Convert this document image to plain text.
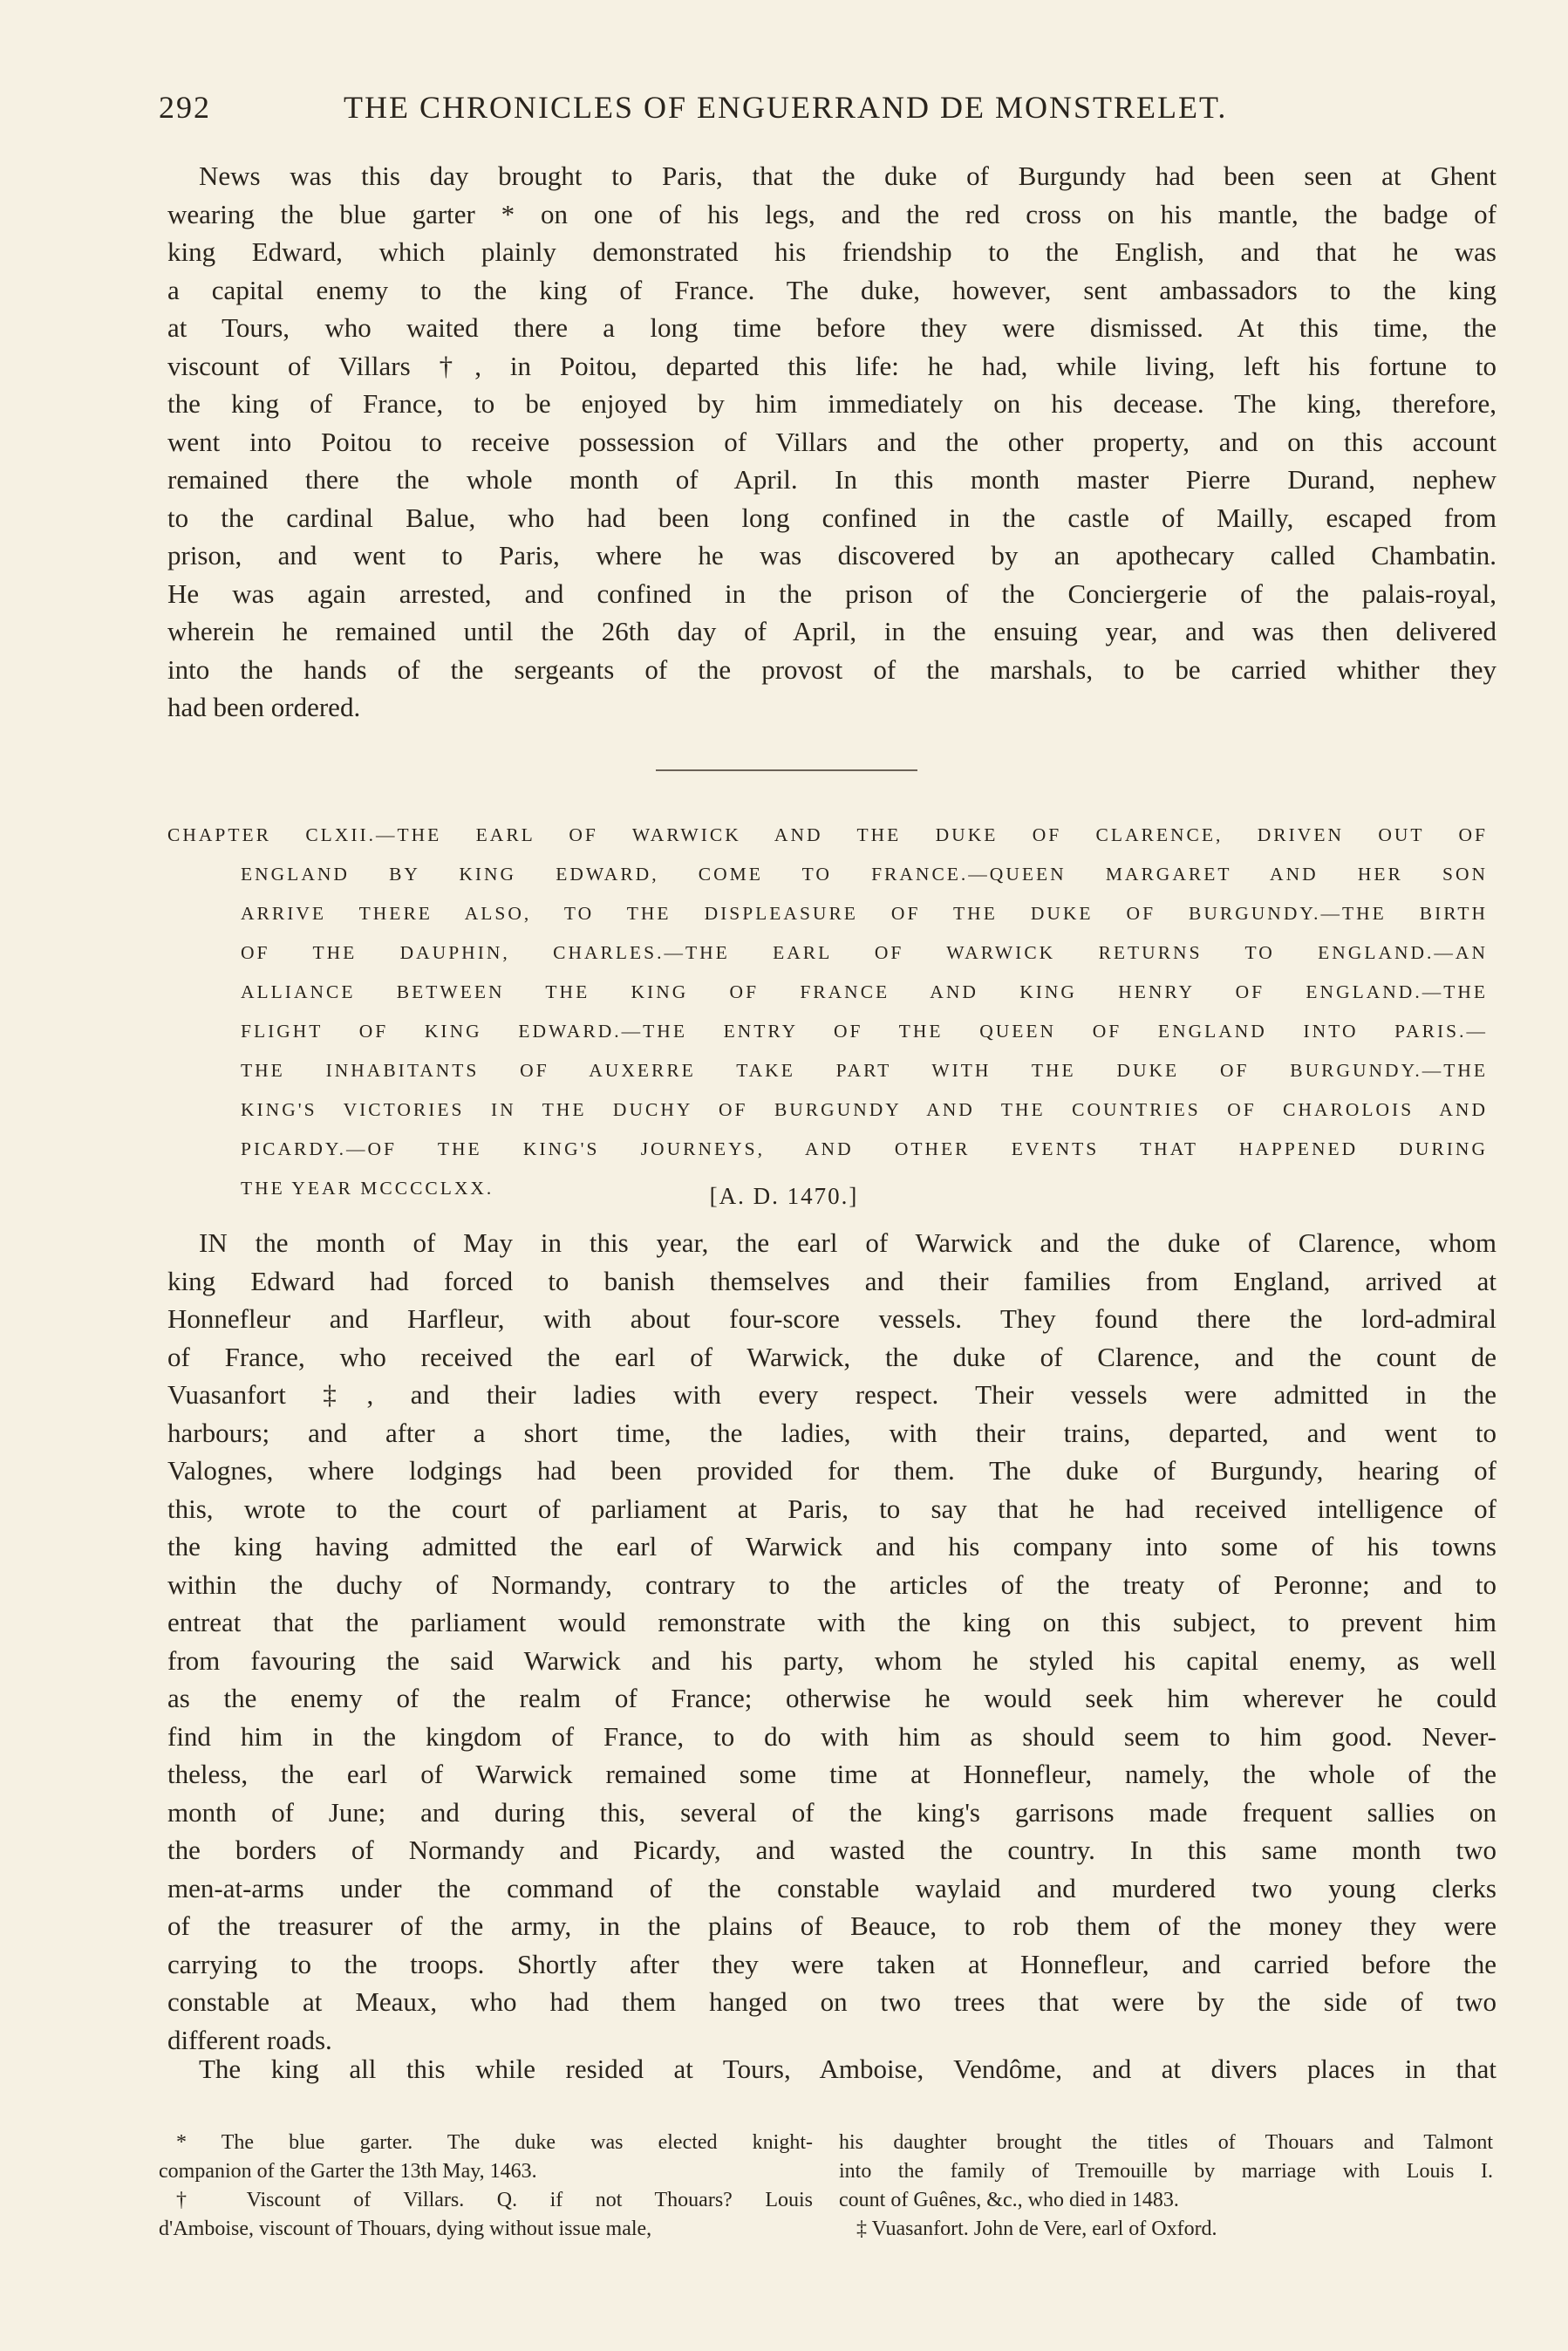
292	THE CHRONICLES OF ENGUERRAND DE MONSTRELET.
News was this day brought to Paris, that the duke of Burgundy had been seen at Ghent
wearing the blue garter * on one of his legs, and the red cross on his mantle, the badge of
king Edward, which plainly demonstrated his friendship to the English, and that he was
a capital enemy to the king of France. The duke, however, sent ambassadors to the king
at Tours, who waited there a long time before they were dismissed. At this time, the
viscount of Villars †, in Poitou, departed this life: he had, while living, left his fortune to
the king of France, to be enjoyed by him immediately on his decease. The king, therefore,
went into Poitou to receive possession of Villars and the other property, and on this account
remained there the whole month of April. In this month master Pierre Durand, nephew
to the cardinal Balue, who had been long confined in the castle of Mailly, escaped from
prison, and went to Paris, where he was discovered by an apothecary called Chambatin.
He was again arrested, and confined in the prison of the Conciergerie of the palais-royal,
wherein he remained until the 26th day of April, in the ensuing year, and was then delivered
into the hands of the sergeants of the provost of the marshals, to be carried whither they
had been ordered.
CHAPTER CLXII.—THE EARL OF WARWICK AND THE DUKE OF CLARENCE, DRIVEN OUT OF
ENGLAND BY KING EDWARD, COME TO FRANCE.—QUEEN MARGARET AND HER SON
ARRIVE THERE ALSO, TO THE DISPLEASURE OF THE DUKE OF BURGUNDY.—THE BIRTH
OF THE DAUPHIN, CHARLES.—THE EARL OF WARWICK RETURNS TO ENGLAND.—AN
ALLIANCE BETWEEN THE KING OF FRANCE AND KING HENRY OF ENGLAND.—THE
FLIGHT OF KING EDWARD.—THE ENTRY OF THE QUEEN OF ENGLAND INTO PARIS.—
THE INHABITANTS OF AUXERRE TAKE PART WITH THE DUKE OF BURGUNDY.—THE
KING'S VICTORIES IN THE DUCHY OF BURGUNDY AND THE COUNTRIES OF CHAROLOIS AND
PICARDY.—OF THE KING'S JOURNEYS, AND OTHER EVENTS THAT HAPPENED DURING
THE YEAR MCCCCLXX.	[A. D. 1470.]
IN the month of May in this year, the earl of Warwick and the duke of Clarence, whom
king Edward had forced to banish themselves and their families from England, arrived at
Honnefleur and Harfleur, with about four-score vessels. They found there the lord-admiral
of France, who received the earl of Warwick, the duke of Clarence, and the count de
Vuasanfort ‡, and their ladies with every respect. Their vessels were admitted in the
harbours; and after a short time, the ladies, with their trains, departed, and went to
Valognes, where lodgings had been provided for them. The duke of Burgundy, hearing of
this, wrote to the court of parliament at Paris, to say that he had received intelligence of
the king having admitted the earl of Warwick and his company into some of his towns
within the duchy of Normandy, contrary to the articles of the treaty of Peronne; and to
entreat that the parliament would remonstrate with the king on this subject, to prevent him
from favouring the said Warwick and his party, whom he styled his capital enemy, as well
as the enemy of the realm of France; otherwise he would seek him wherever he could
find him in the kingdom of France, to do with him as should seem to him good. Never-
theless, the earl of Warwick remained some time at Honnefleur, namely, the whole of the
month of June; and during this, several of the king's garrisons made frequent sallies on
the borders of Normandy and Picardy, and wasted the country. In this same month two
men-at-arms under the command of the constable waylaid and murdered two young clerks
of the treasurer of the army, in the plains of Beauce, to rob them of the money they were
carrying to the troops. Shortly after they were taken at Honnefleur, and carried before the
constable at Meaux, who had them hanged on two trees that were by the side of two
different roads.
The king all this while resided at Tours, Amboise, Vendôme, and at divers places in that
* The blue garter. The duke was elected knight-
companion of the Garter the 13th May, 1463.
† Viscount of Villars. Q. if not Thouars? Louis
d'Amboise, viscount of Thouars, dying without issue male,
his daughter brought the titles of Thouars and Talmont
into the family of Tremouille by marriage with Louis I.
count of Guênes, &c., who died in 1483.
‡ Vuasanfort. John de Vere, earl of Oxford.
